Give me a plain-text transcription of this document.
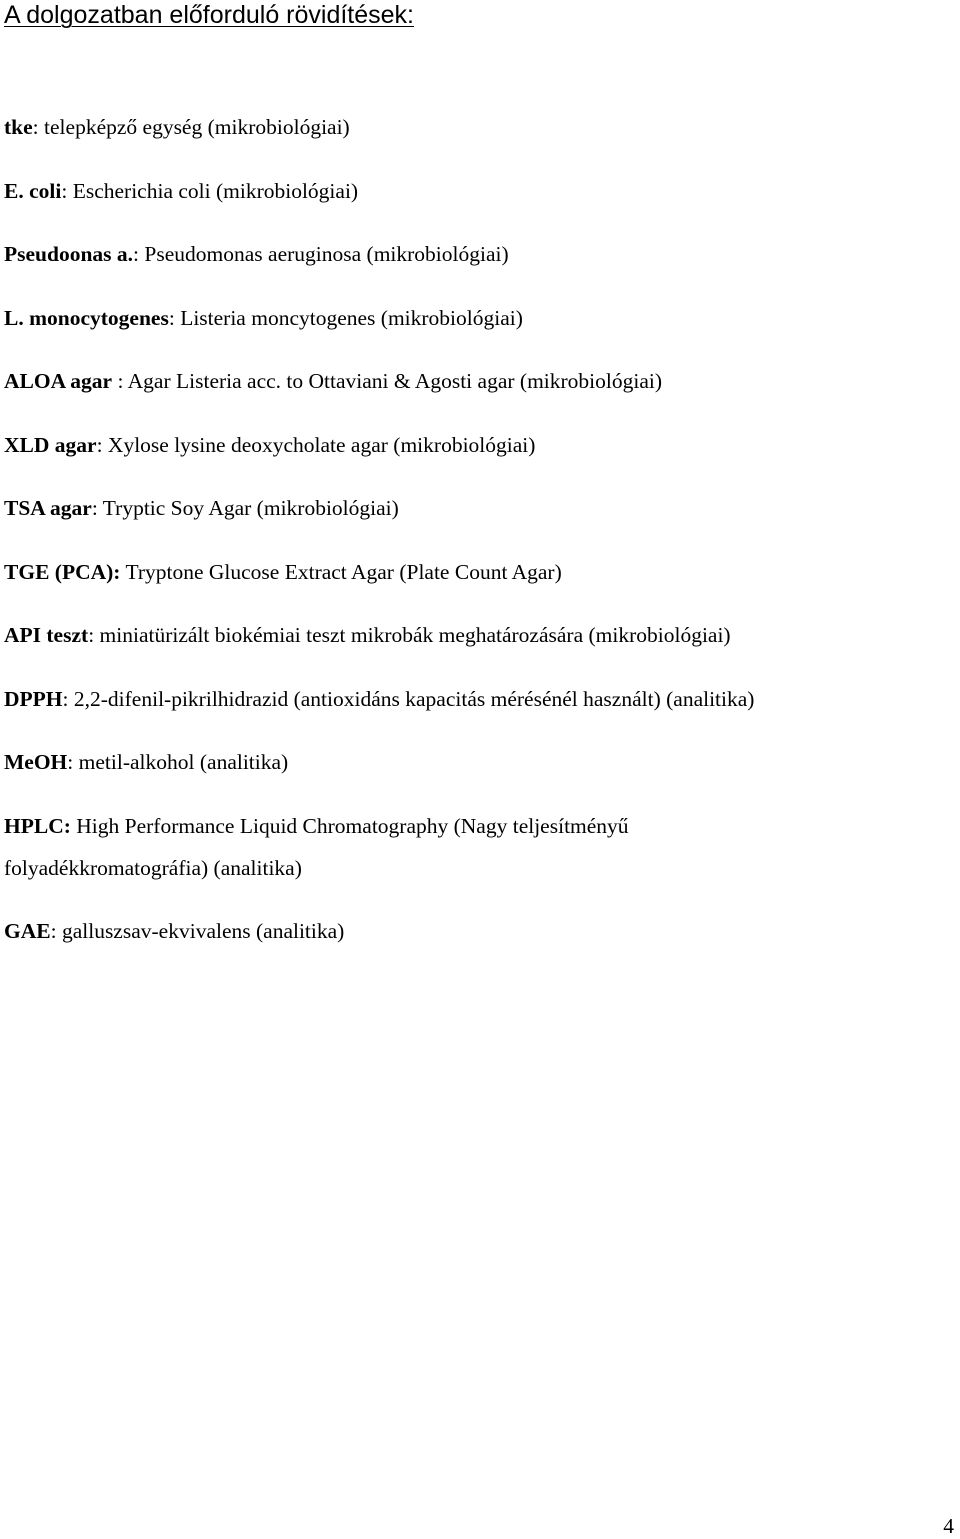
A dolgozatban előforduló rövidítések:

tke: telepképző egység (mikrobiológiai)

E. coli: Escherichia coli (mikrobiológiai)

Pseudoonas a.: Pseudomonas aeruginosa (mikrobiológiai)

L. monocytogenes: Listeria moncytogenes (mikrobiológiai)

ALOA agar : Agar Listeria acc. to Ottaviani & Agosti agar (mikrobiológiai)

XLD agar: Xylose lysine deoxycholate agar (mikrobiológiai)

TSA agar: Tryptic Soy Agar (mikrobiológiai)

TGE (PCA): Tryptone Glucose Extract Agar (Plate Count Agar)

API teszt: miniatürizált biokémiai teszt mikrobák meghatározására (mikrobiológiai)

DPPH: 2,2-difenil-pikrilhidrazid (antioxidáns kapacitás mérésénél használt) (analitika)

MeOH: metil-alkohol (analitika)

HPLC: High Performance Liquid Chromatography (Nagy teljesítményű

folyadékkromatográfia) (analitika)

GAE: galluszsav-ekvivalens (analitika)

4
